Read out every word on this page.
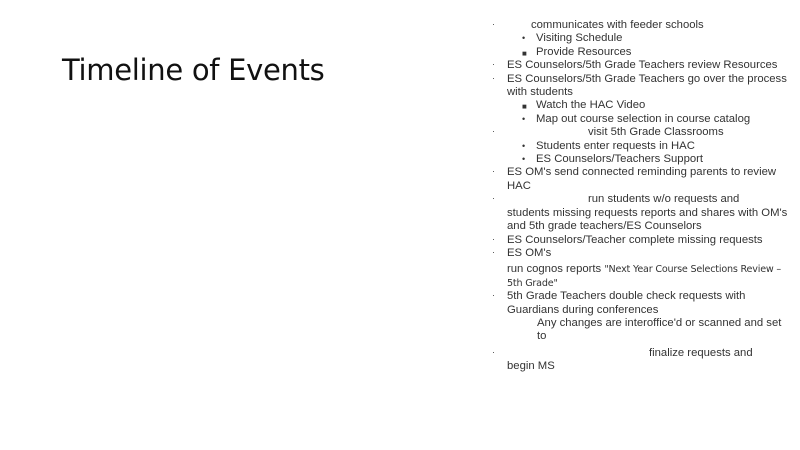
Timeline of Events
·	communicates with feeder schools
• Visiting Schedule
■ Provide Resources
· ES Counselors/5th Grade Teachers review Resources
· ES Counselors/5th Grade Teachers go over the process with students
■ Watch the HAC Video
• Map out course selection in course catalog
·	visit 5th Grade Classrooms
• Students enter requests in HAC
• ES Counselors/Teachers Support
· ES OM's send connected reminding parents to review HAC
·	run students w/o requests and
students missing requests reports and shares with OM's and 5th grade teachers/ES Counselors
· ES Counselors/Teacher complete missing requests
· ES OM's
run cognos reports "Next Year Course Selections Review – 5th Grade"
· 5th Grade Teachers double check requests with Guardians during conferences
Any changes are interoffice'd or scanned and set to
·	finalize requests and
begin MS
